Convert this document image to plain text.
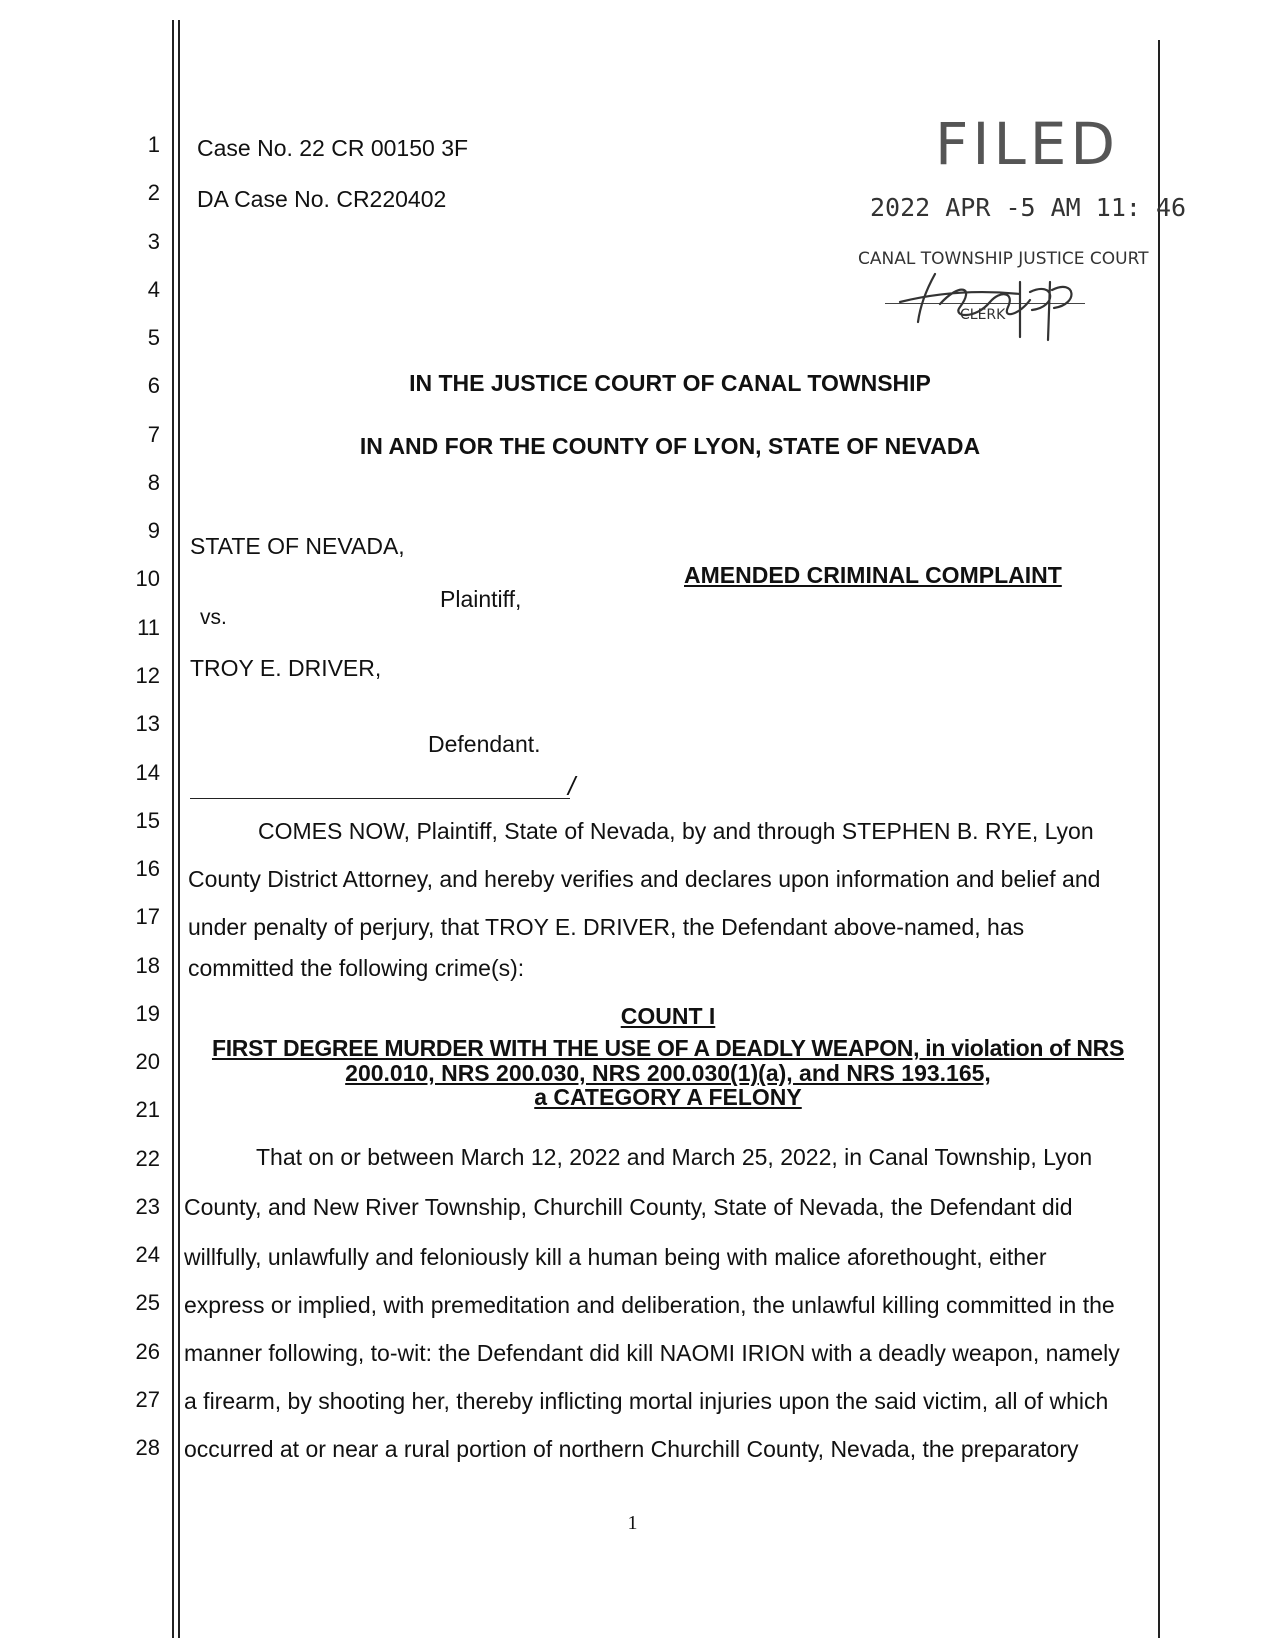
1
2
3
4
5
6
7
8
9
10
11
12
13
14
15
16
17
18
19
20
21
22
23
24
25
26
27
28
Case No. 22 CR 00150 3F
DA Case No. CR220402
FILED
2022 APR -5 AM 11: 46
CANAL TOWNSHIP JUSTICE COURT
CLERK
IN THE JUSTICE COURT OF CANAL TOWNSHIP
IN AND FOR THE COUNTY OF LYON, STATE OF NEVADA
STATE OF NEVADA,
Plaintiff,
vs.
TROY E. DRIVER,
Defendant.
/
AMENDED CRIMINAL COMPLAINT
COMES NOW, Plaintiff, State of Nevada, by and through STEPHEN B. RYE, Lyon
County District Attorney, and hereby verifies and declares upon information and belief and
under penalty of perjury, that TROY E. DRIVER, the Defendant above-named, has
committed the following crime(s):
COUNT I
FIRST DEGREE MURDER WITH THE USE OF A DEADLY WEAPON, in violation of NRS
200.010, NRS 200.030, NRS 200.030(1)(a), and NRS 193.165,
a CATEGORY A FELONY
That on or between March 12, 2022 and March 25, 2022, in Canal Township, Lyon
County, and New River Township, Churchill County, State of Nevada, the Defendant did
willfully, unlawfully and feloniously kill a human being with malice aforethought, either
express or implied, with premeditation and deliberation, the unlawful killing committed in the
manner following, to-wit: the Defendant did kill NAOMI IRION with a deadly weapon, namely
a firearm, by shooting her, thereby inflicting mortal injuries upon the said victim, all of which
occurred at or near a rural portion of northern Churchill County, Nevada, the preparatory
1
